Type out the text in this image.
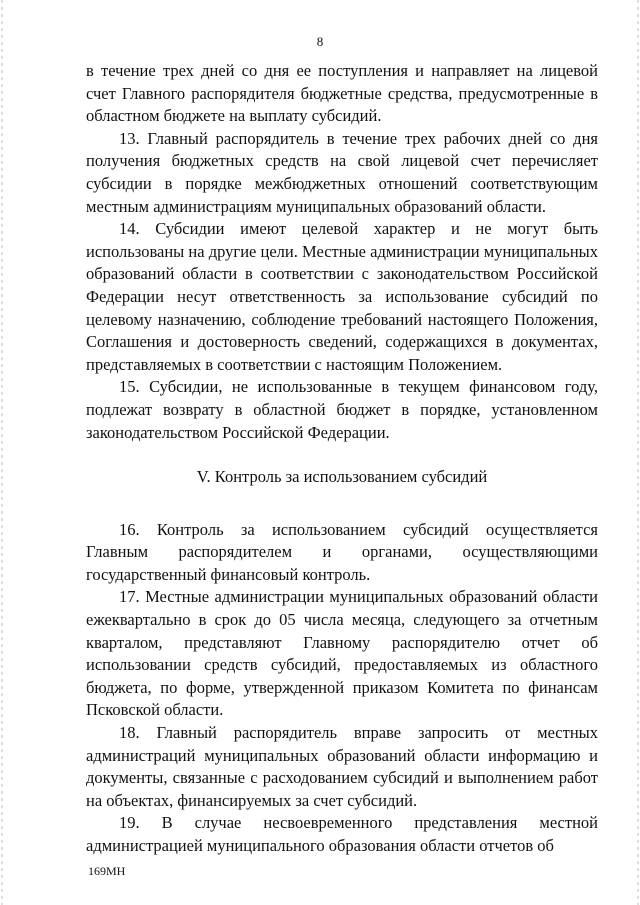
8

в течение трех дней со дня ее поступления и направляет на лицевой счет Главного распорядителя бюджетные средства, предусмотренные в областном бюджете на выплату субсидий.

13. Главный распорядитель в течение трех рабочих дней со дня получения бюджетных средств на свой лицевой счет перечисляет субсидии в порядке межбюджетных отношений соответствующим местным администрациям муниципальных образований области.

14. Субсидии имеют целевой характер и не могут быть использованы на другие цели. Местные администрации муниципальных образований области в соответствии с законодательством Российской Федерации несут ответственность за использование субсидий по целевому назначению, соблюдение требований настоящего Положения, Соглашения и достоверность сведений, содержащихся в документах, представляемых в соответствии с настоящим Положением.

15. Субсидии, не использованные в текущем финансовом году, подлежат возврату в областной бюджет в порядке, установленном законодательством Российской Федерации.

V. Контроль за использованием субсидий

16. Контроль за использованием субсидий осуществляется Главным распорядителем и органами, осуществляющими государственный финансовый контроль.

17. Местные администрации муниципальных образований области ежеквартально в срок до 05 числа месяца, следующего за отчетным кварталом, представляют Главному распорядителю отчет об использовании средств субсидий, предоставляемых из областного бюджета, по форме, утвержденной приказом Комитета по финансам Псковской области.

18. Главный распорядитель вправе запросить от местных администраций муниципальных образований области информацию и документы, связанные с расходованием субсидий и выполнением работ на объектах, финансируемых за счет субсидий.

19. В случае несвоевременного представления местной администрацией муниципального образования области отчетов об

169МН
